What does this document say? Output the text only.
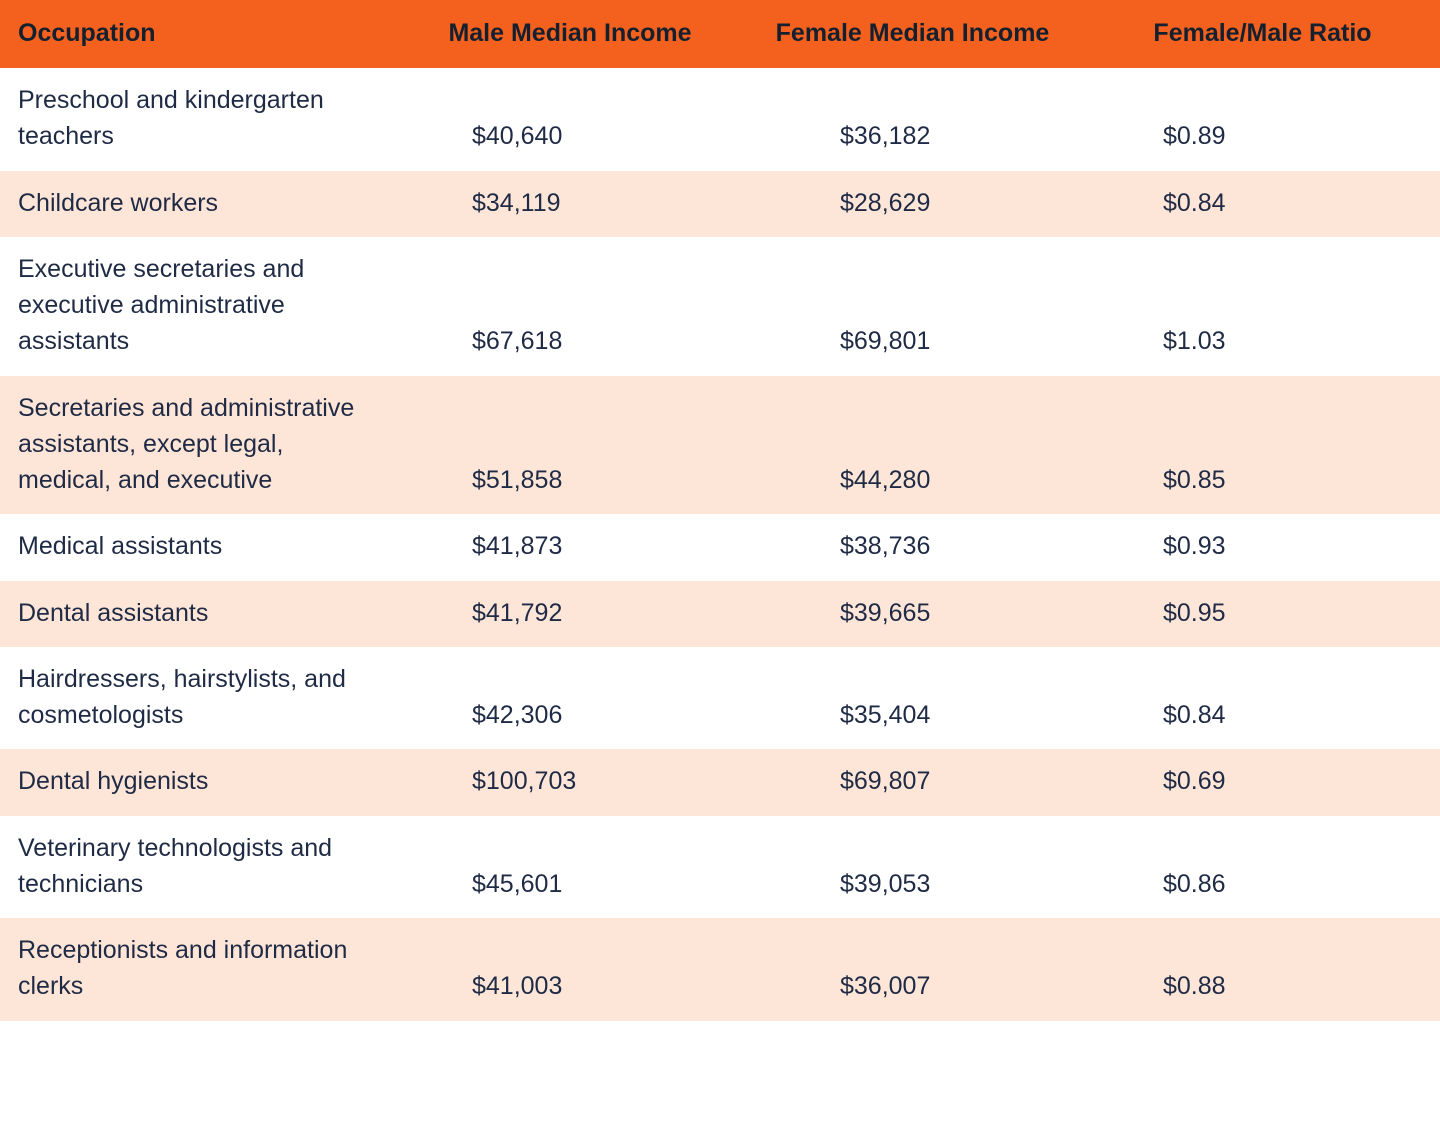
Occupation	Male Median Income	Female Median Income	Female/Male Ratio
Preschool and kindergarten teachers	$40,640	$36,182	$0.89
Childcare workers	$34,119	$28,629	$0.84
Executive secretaries and executive administrative assistants	$67,618	$69,801	$1.03
Secretaries and administrative assistants, except legal, medical, and executive	$51,858	$44,280	$0.85
Medical assistants	$41,873	$38,736	$0.93
Dental assistants	$41,792	$39,665	$0.95
Hairdressers, hairstylists, and cosmetologists	$42,306	$35,404	$0.84
Dental hygienists	$100,703	$69,807	$0.69
Veterinary technologists and technicians	$45,601	$39,053	$0.86
Receptionists and information clerks	$41,003	$36,007	$0.88
